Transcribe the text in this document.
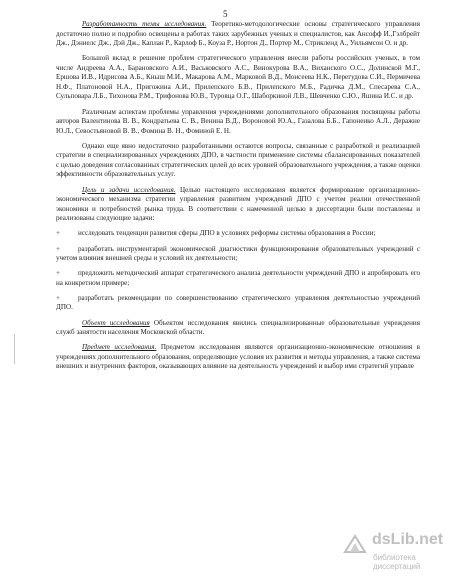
5

Разработанность темы исследования. Теоретико-методологические основы стратегического управления достаточно полно и подробно освещены в работах таких зарубежных ученых и специалистов, как Ансофф И.,Гэлбрейт Дж., Дэниелс Дж., Дэй Дж., Каплан Р., Карлоф Б., Коуза Р., Нортон Д., Портер М., Стрикленд А., Уильямсон О. и др.

Большой вклад в решение проблем стратегического управления внесли работы российских ученых, в том числе Андреева А.А., Барановского А.И., Васьковского А.С., Винокурова В.А., Виханского О.С., Долинской М.Г., Ершова И.В., Идрисова А.Б., Кныш М.И., Макарова А.М., Марковой В.Д., Моисеева Н.К., Перегудова С.И., Пермичева Н.Ф., Платоновой Н.А., Пригожина А.И., Прилепского Б.В., Прилепского М.Б., Радичка Д.М., Спесарева С.А., Сульповара Л.Б., Тихонова Р.М., Трифонова Ю.В., Туровца О.Г., Шаборкиной Л.В., Шевченко С.Ю., Яшина И.С. и др.

Различным аспектам проблемы управления учреждениями дополнительного образования посвящены работы авторов Валентинова В. В., Кондратьева С. В., Венина В.Д., Вороновой Ю.А., Газалова Б.Б., Гапоненко А.Л., Деражне Ю.Л., Севостьяновой В. В., Фомина В. Н., Фоминой Е. Н.

Однако еще явно недостаточно разработанными остаются вопросы, связанные с разработкой и реализацией стратегии в специализированных учреждениях ДПО, в частности применение системы сбалансированных показателей с целью доведения согласованных стратегических целей до всех уровней образовательного учреждения, а также оценки эффективности образовательных услуг.

Цель и задачи исследования. Целью настоящего исследования является формирование организационно-экономического механизма стратегии управления развитием учреждений ДПО с учетом реалии отечественной экономики и потребностей рынка труда. В соответствии с намеченной целью в диссертации были поставлены и реализованы следующие задачи:

+	исследовать тенденции развития сферы ДПО в условиях реформы системы образования в России;

+	разработать инструментарий экономической диагностики функционирования образовательных учреждений с учетом влияния внешней среды и условий их деятельности;

+	предложить методический аппарат стратегического анализа деятельности учреждений ДПО и апробировать его на конкретном примере;

+	разработать рекомендации по совершенствованию стратегического управления деятельностью учреждений ДПО.

Объект исследования Объектом исследования явились специализированные образовательные учреждения служб занятости населения Московской области.

Предмет исследования. Предметом исследования являются организационно-экономические отношения в учреждениях дополнительного образования, определяющие условия их развития и методы управления, а также система внешних и внутренних факторов, оказывающих влияние на деятельность учреждений и выбор ими стратегий управле

dsLib.net
библиотека диссертаций
